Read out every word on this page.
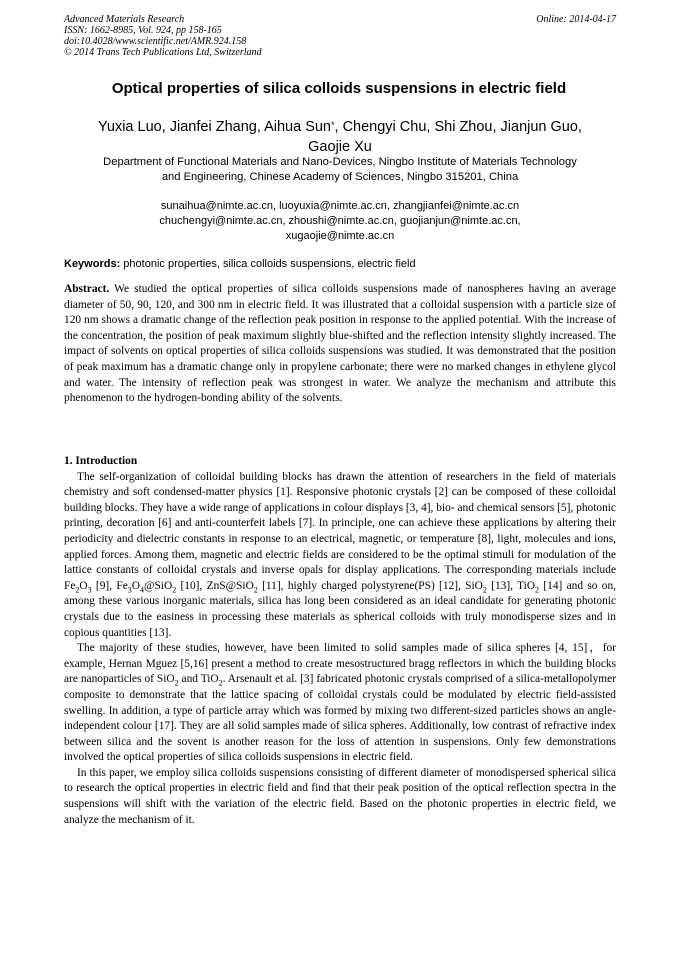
Advanced Materials Research
ISSN: 1662-8985, Vol. 924, pp 158-165
doi:10.4028/www.scientific.net/AMR.924.158
© 2014 Trans Tech Publications Ltd, Switzerland
Online: 2014-04-17
Optical properties of silica colloids suspensions in electric field
Yuxia Luo, Jianfei Zhang, Aihua Sun*, Chengyi Chu, Shi Zhou, Jianjun Guo,
Gaojie Xu
Department of Functional Materials and Nano-Devices, Ningbo Institute of Materials Technology
and Engineering, Chinese Academy of Sciences, Ningbo 315201, China
sunaihua@nimte.ac.cn, luoyuxia@nimte.ac.cn, zhangjianfei@nimte.ac.cn
chuchengyi@nimte.ac.cn, zhoushi@nimte.ac.cn, guojianjun@nimte.ac.cn,
xugaojie@nimte.ac.cn
Keywords: photonic properties, silica colloids suspensions, electric field
Abstract. We studied the optical properties of silica colloids suspensions made of nanospheres having an average diameter of 50, 90, 120, and 300 nm in electric field. It was illustrated that a colloidal suspension with a particle size of 120 nm shows a dramatic change of the reflection peak position in response to the applied potential. With the increase of the concentration, the position of peak maximum slightly blue-shifted and the reflection intensity slightly increased. The impact of solvents on optical properties of silica colloids suspensions was studied. It was demonstrated that the position of peak maximum has a dramatic change only in propylene carbonate; there were no marked changes in ethylene glycol and water. The intensity of reflection peak was strongest in water. We analyze the mechanism and attribute this phenomenon to the hydrogen-bonding ability of the solvents.
1. Introduction

The self-organization of colloidal building blocks has drawn the attention of researchers in the field of materials chemistry and soft condensed-matter physics [1]. Responsive photonic crystals [2] can be composed of these colloidal building blocks. They have a wide range of applications in colour displays [3, 4], bio- and chemical sensors [5], photonic printing, decoration [6] and anti-counterfeit labels [7]. In principle, one can achieve these applications by altering their periodicity and dielectric constants in response to an electrical, magnetic, or temperature [8], light, molecules and ions, applied forces. Among them, magnetic and electric fields are considered to be the optimal stimuli for modulation of the lattice constants of colloidal crystals and inverse opals for display applications. The corresponding materials include $Fe_2O_3$ [9], $Fe_3O_4@SiO_2$ [10], ZnS@SiO$_2$ [11], highly charged polystyrene(PS) [12], SiO$_2$ [13], TiO$_2$ [14] and so on, among these various inorganic materials, silica has long been considered as an ideal candidate for generating photonic crystals due to the easiness in processing these materials as spherical colloids with truly monodisperse sizes and in copious quantities [13].

The majority of these studies, however, have been limited to solid samples made of silica spheres [4, 15]，for example, Hernan Mguez [5,16] present a method to create mesostructured bragg reflectors in which the building blocks are nanoparticles of SiO$_2$ and TiO$_2$. Arsenault et al. [3] fabricated photonic crystals comprised of a silica-metallopolymer composite to demonstrate that the lattice spacing of colloidal crystals could be modulated by electric field-assisted swelling. In addition, a type of particle array which was formed by mixing two different-sized particles shows an angle-independent colour [17]. They are all solid samples made of silica spheres. Additionally, low contrast of refractive index between silica and the sovent is another reason for the loss of attention in suspensions. Only few demonstrations involved the optical properties of silica colloids suspensions in electric field.

In this paper, we employ silica colloids suspensions consisting of different diameter of monodispersed spherical silica to research the optical properties in electric field and find that their peak position of the optical reflection spectra in the suspensions will shift with the variation of the electric field. Based on the photonic properties in electric field, we analyze the mechanism of it.
